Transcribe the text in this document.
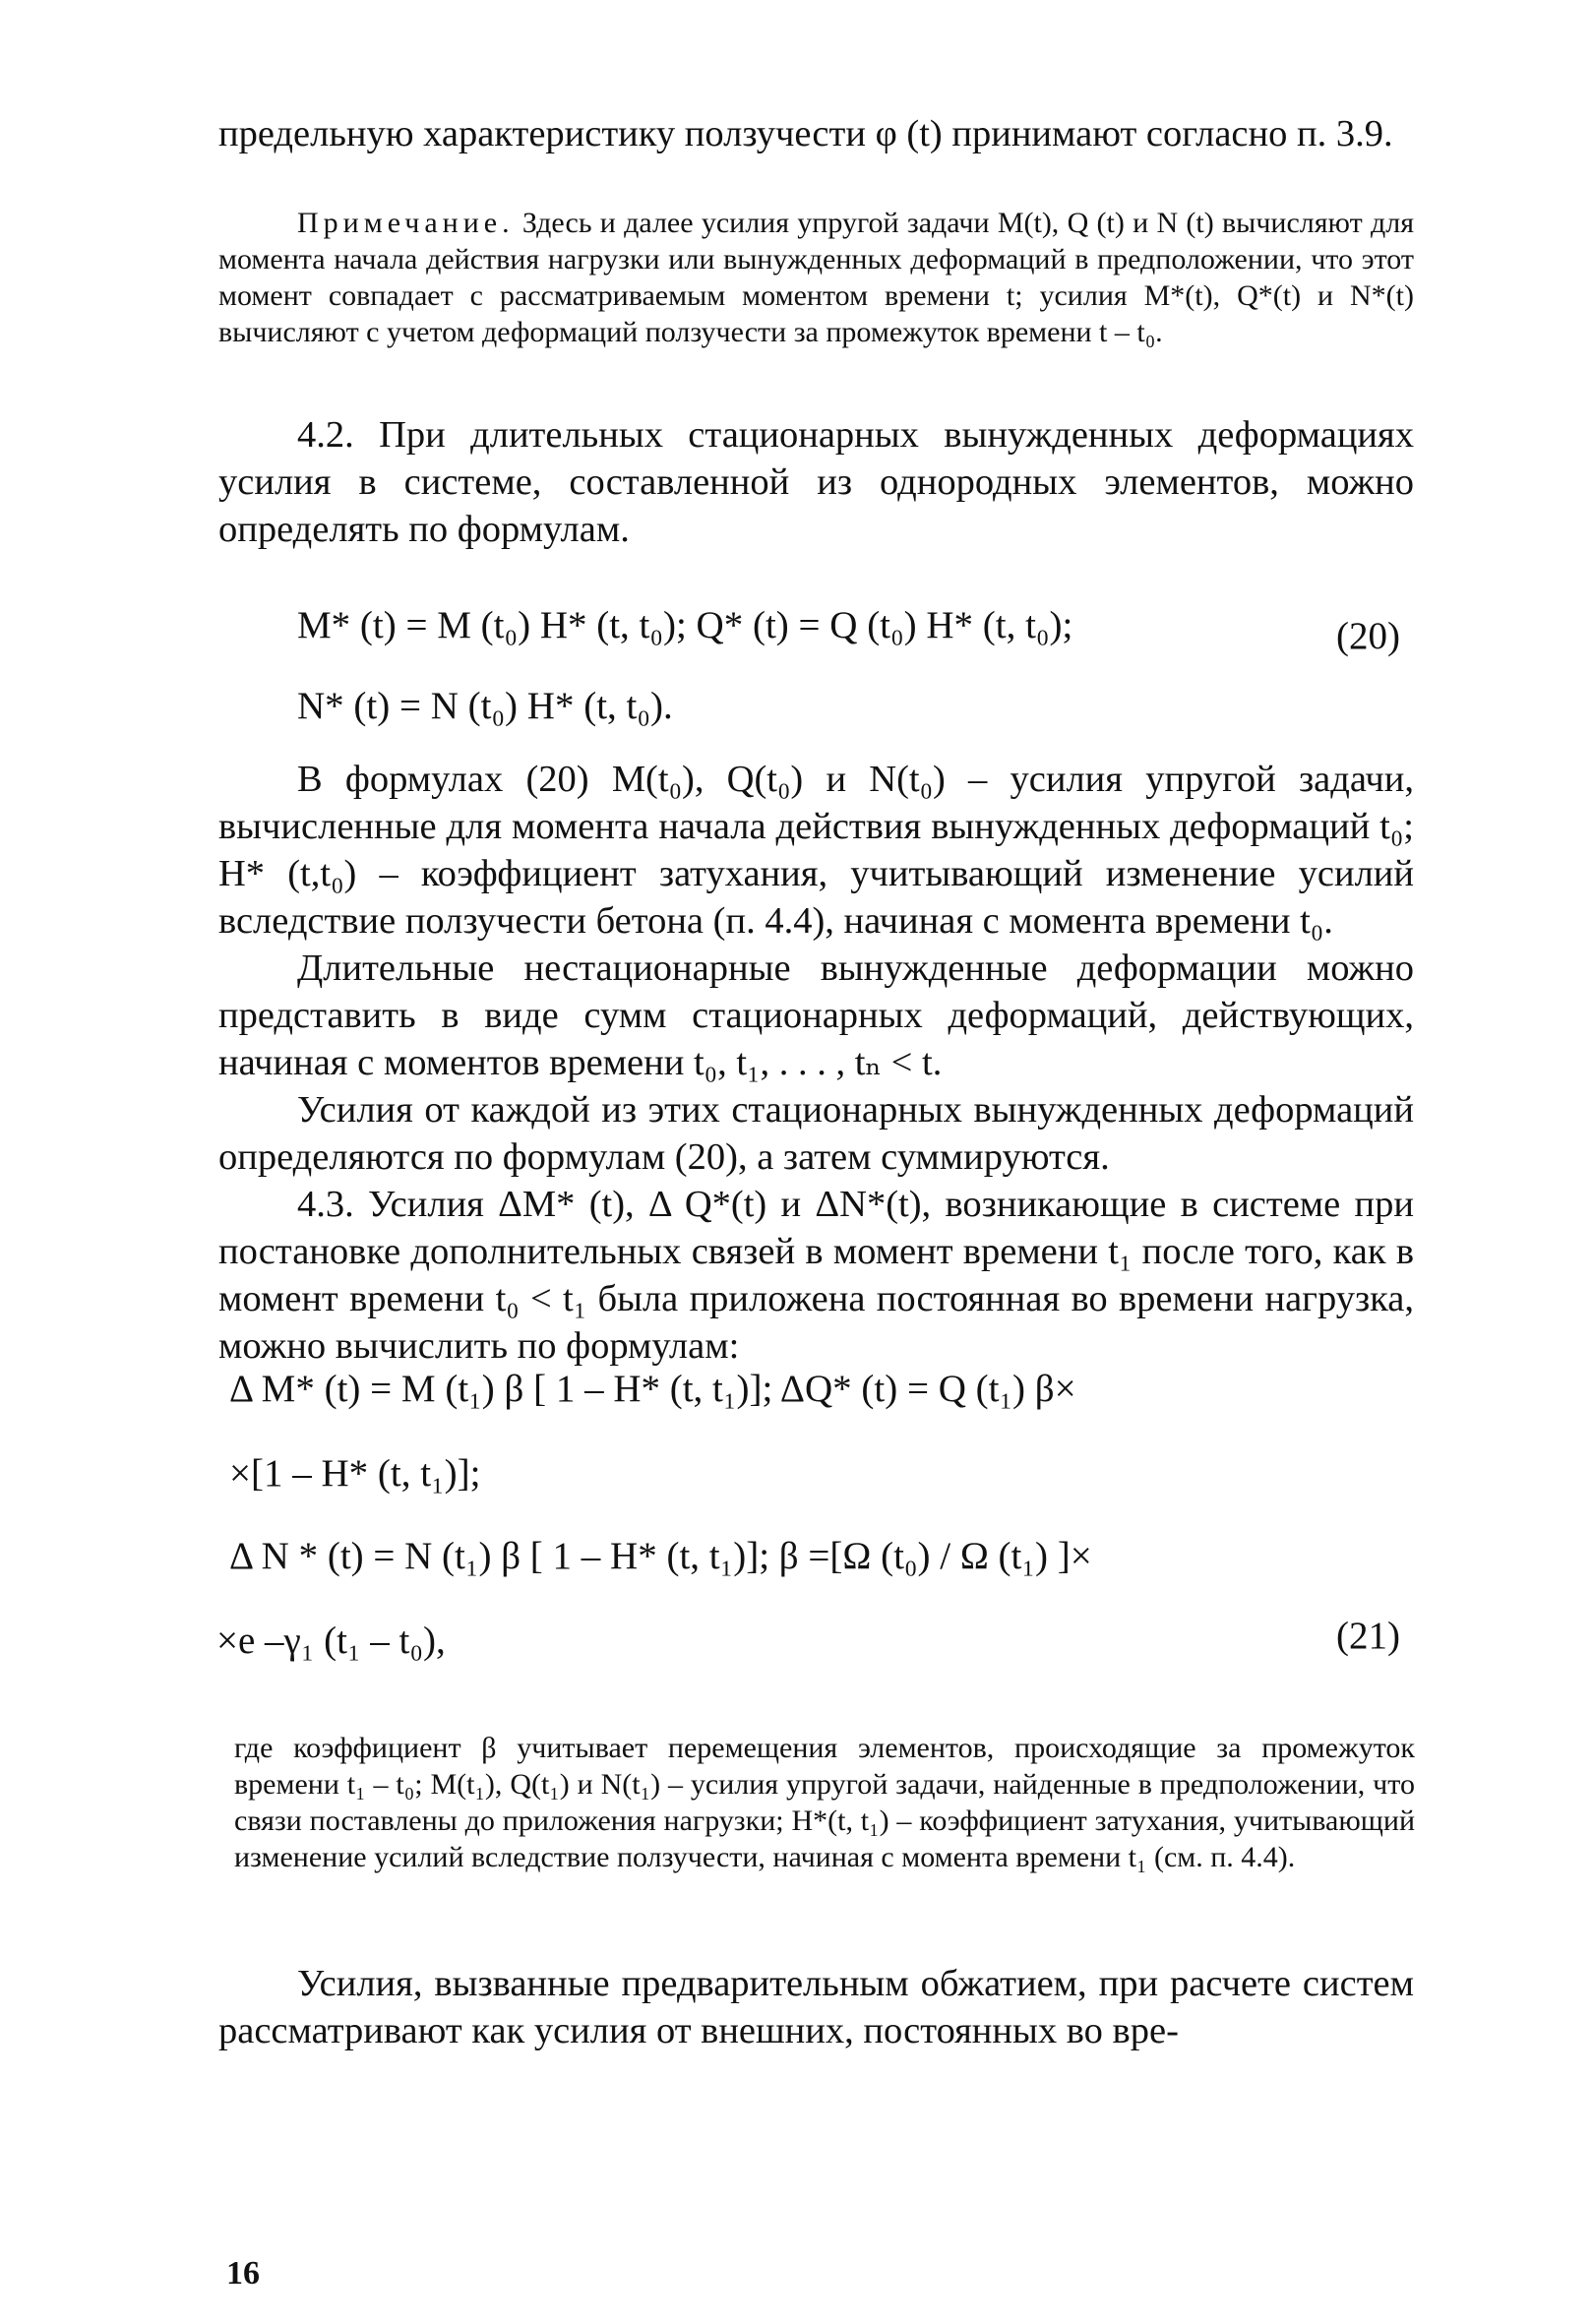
предельную характеристику ползучести φ (t) принимают согласно п. 3.9.

Примечание. Здесь и далее усилия упругой задачи M(t), Q (t) и N (t) вычисляют для момента начала действия нагрузки или вынужденных деформаций в предположении, что этот момент совпадает с рассматриваемым моментом времени t; усилия M*(t), Q*(t) и N*(t) вычисляют с учетом деформаций ползучести за промежуток времени t – t₀.

4.2. При длительных стационарных вынужденных деформациях усилия в системе, составленной из однородных элементов, можно определять по формулам.

M* (t) = M (t₀) H* (t, t₀); Q* (t) = Q (t₀) H* (t, t₀);	(20)
N* (t) = N (t₀) H* (t, t₀).

В формулах (20) M(t₀), Q(t₀) и N(t₀) – усилия упругой задачи, вычисленные для момента начала действия вынужденных деформаций t₀; H* (t,t₀) – коэффициент затухания, учитывающий изменение усилий вследствие ползучести бетона (п. 4.4), начиная с момента времени t₀.

Длительные нестационарные вынужденные деформации можно представить в виде сумм стационарных деформаций, действующих, начиная с моментов времени t₀, t₁, . . . , tₙ < t.

Усилия от каждой из этих стационарных вынужденных деформаций определяются по формулам (20), а затем суммируются.

4.3. Усилия ΔM* (t), Δ Q*(t) и ΔN*(t), возникающие в системе при постановке дополнительных связей в момент времени t₁ после того, как в момент времени t₀ < t₁ была приложена постоянная во времени нагрузка, можно вычислить по формулам:

Δ M* (t) = M (t₁) β [ 1 – H* (t, t₁)]; ΔQ* (t) = Q (t₁) β×
×[1 – H* (t, t₁)];
Δ N * (t) = N (t₁) β [ 1 – H* (t, t₁)]; β =[Ω (t₀) / Ω (t₁) ]×
×e –γ₁ (t₁ – t₀),	(21)

где коэффициент β учитывает перемещения элементов, происходящие за промежуток времени t₁ – t₀; M(t₁), Q(t₁) и N(t₁) – усилия упругой задачи, найденные в предположении, что связи поставлены до приложения нагрузки; H*(t, t₁) – коэффициент затухания, учитывающий изменение усилий вследствие ползучести, начиная с момента времени t₁ (см. п. 4.4).

Усилия, вызванные предварительным обжатием, при расчете систем рассматривают как усилия от внешних, постоянных во вре-

16
